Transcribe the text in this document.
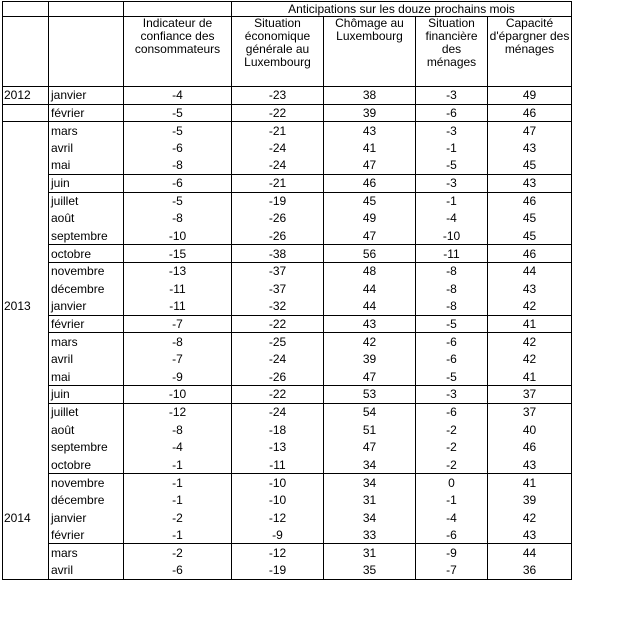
			Anticipations sur les douze prochains mois			
		Indicateur de confiance des consommateurs	Situation économique générale au Luxembourg	Chômage au Luxembourg	Situation financière des ménages	Capacité d'épargner des ménages
2012	janvier	-4	-23	38	-3	49
	février	-5	-22	39	-6	46
	mars	-5	-21	43	-3	47
	avril	-6	-24	41	-1	43
	mai	-8	-24	47	-5	45
	juin	-6	-21	46	-3	43
	juillet	-5	-19	45	-1	46
	août	-8	-26	49	-4	45
	septembre	-10	-26	47	-10	45
	octobre	-15	-38	56	-11	46
	novembre	-13	-37	48	-8	44
	décembre	-11	-37	44	-8	43
2013	janvier	-11	-32	44	-8	42
	février	-7	-22	43	-5	41
	mars	-8	-25	42	-6	42
	avril	-7	-24	39	-6	42
	mai	-9	-26	47	-5	41
	juin	-10	-22	53	-3	37
	juillet	-12	-24	54	-6	37
	août	-8	-18	51	-2	40
	septembre	-4	-13	47	-2	46
	octobre	-1	-11	34	-2	43
	novembre	-1	-10	34	0	41
	décembre	-1	-10	31	-1	39
2014	janvier	-2	-12	34	-4	42
	février	-1	-9	33	-6	43
	mars	-2	-12	31	-9	44
	avril	-6	-19	35	-7	36
